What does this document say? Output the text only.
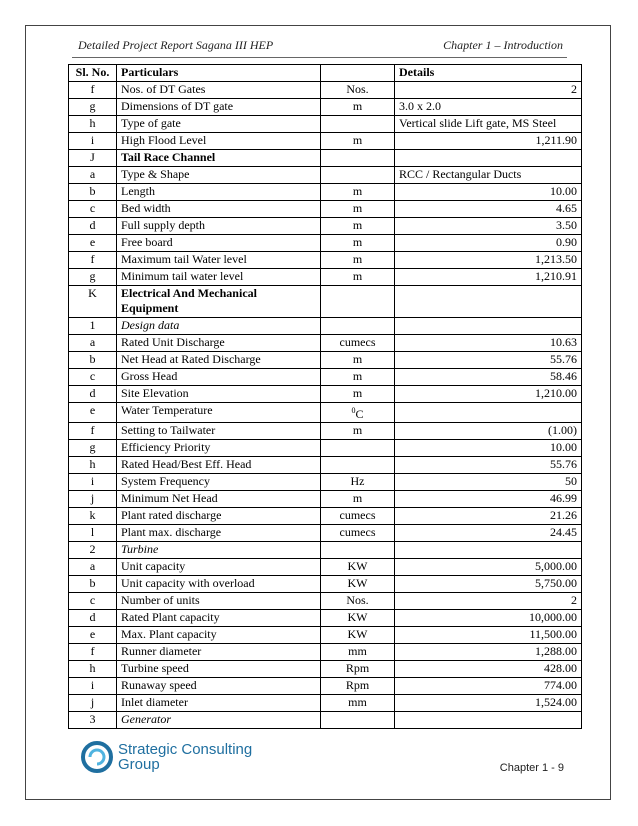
Detailed Project Report Sagana III HEP	Chapter 1 – Introduction
Sl. No.	Particulars		Details
f	Nos. of DT Gates	Nos.	2
g	Dimensions of DT gate	m	3.0 x 2.0
h	Type of gate		Vertical slide Lift gate, MS Steel
i	High Flood Level	m	1,211.90
J	Tail Race Channel		
a	Type & Shape		RCC / Rectangular Ducts
b	Length	m	10.00
c	Bed width	m	4.65
d	Full supply depth	m	3.50
e	Free board	m	0.90
f	Maximum tail Water level	m	1,213.50
g	Minimum tail water level	m	1,210.91
K	Electrical And Mechanical Equipment		
1	Design data		
a	Rated Unit Discharge	cumecs	10.63
b	Net Head at Rated Discharge	m	55.76
c	Gross Head	m	58.46
d	Site Elevation	m	1,210.00
e	Water Temperature	$^0$C	
f	Setting to Tailwater	m	(1.00)
g	Efficiency Priority		10.00
h	Rated Head/Best Eff. Head		55.76
i	System Frequency	Hz	50
j	Minimum Net Head	m	46.99
k	Plant rated discharge	cumecs	21.26
l	Plant max. discharge	cumecs	24.45
2	Turbine		
a	Unit capacity	KW	5,000.00
b	Unit capacity with overload	KW	5,750.00
c	Number of units	Nos.	2
d	Rated Plant capacity	KW	10,000.00
e	Max. Plant capacity	KW	11,500.00
f	Runner diameter	mm	1,288.00
h	Turbine speed	Rpm	428.00
i	Runaway speed	Rpm	774.00
j	Inlet diameter	mm	1,524.00
3	Generator		
Strategic Consulting
Group	Chapter 1 - 9
